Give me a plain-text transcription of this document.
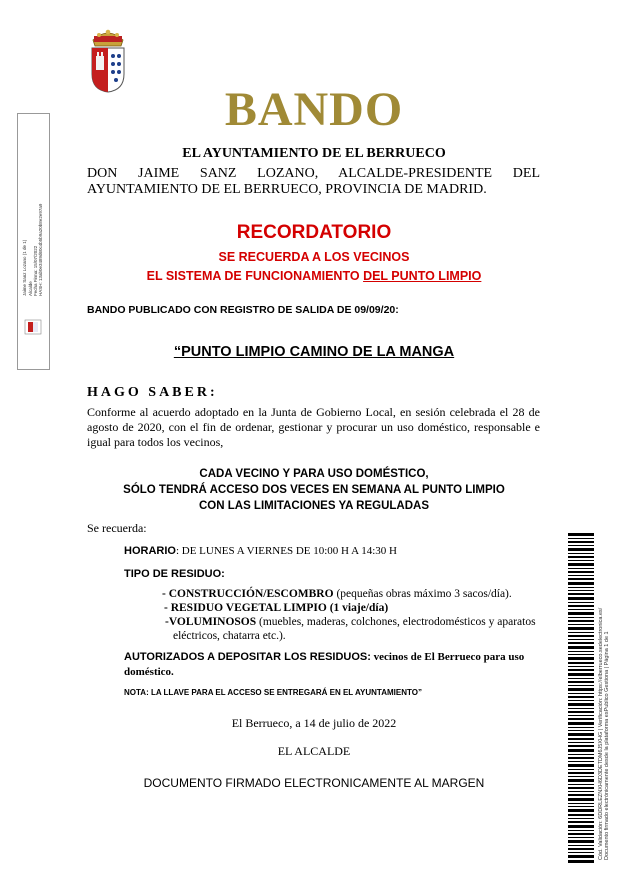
BANDO
EL AYUNTAMIENTO DE EL BERRUECO
DON JAIME SANZ LOZANO, ALCALDE-PRESIDENTE DEL AYUNTAMIENTO DE EL BERRUECO, PROVINCIA DE MADRID.
RECORDATORIO
SE RECUERDA A LOS VECINOS
EL SISTEMA DE FUNCIONAMIENTO DEL PUNTO LIMPIO
BANDO PUBLICADO CON REGISTRO DE SALIDA DE 09/09/20:
“PUNTO LIMPIO CAMINO DE LA MANGA
HAGO SABER:
Conforme al acuerdo adoptado en la Junta de Gobierno Local, en sesión celebrada el 28 de agosto de 2020, con el fin de ordenar, gestionar y procurar un uso doméstico, responsable e igual para todos los vecinos,
CADA VECINO Y PARA USO DOMÉSTICO,
SÓLO TENDRÁ ACCESO DOS VECES EN SEMANA AL PUNTO LIMPIO
CON LAS LIMITACIONES YA REGULADAS
Se recuerda:
HORARIO: DE LUNES A VIERNES DE 10:00 H A 14:30 H
TIPO DE RESIDUO:
- CONSTRUCCIÓN/ESCOMBRO (pequeñas obras máximo 3 sacos/día).
- RESIDUO VEGETAL LIMPIO (1 viaje/día)
-VOLUMINOSOS (muebles, maderas, colchones, electrodomésticos y aparatos
eléctricos, chatarra etc.).
AUTORIZADOS A DEPOSITAR LOS RESIDUOS: vecinos de El Berrueco para uso doméstico.
NOTA: LA LLAVE PARA EL ACCESO SE ENTREGARÁ EN EL AYUNTAMIENTO”
El Berrueco, a 14 de julio de 2022
EL ALCALDE
DOCUMENTO FIRMADO ELECTRONICAMENTE AL MARGEN
Jaime Sanz Lozano (1 de 1) Alcalde Fecha Firma: 15/07/2022 HASH: 13ab0e3489d60c4b5b9a20b8e2e97a9
Cód. Validación: 6DDRLEZNXH6D3DETDM6J5XHG | Verificación: https://elberrueco.sedelectronica.es/ Documento firmado electrónicamente desde la plataforma esPublico Gestiona | Página 1 de 1
